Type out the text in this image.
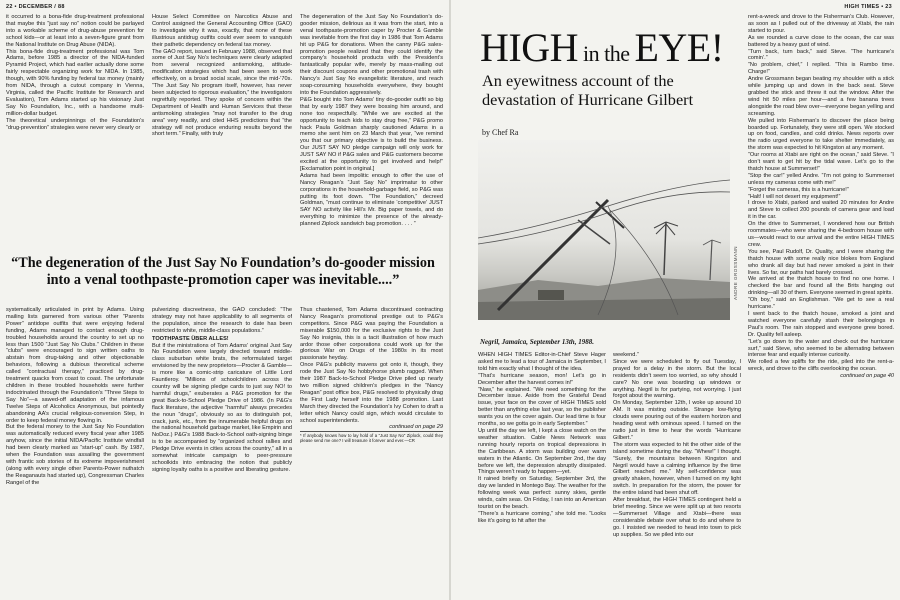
22 • DECEMBER / 88

it occurred to a bona-fide drug-treatment professional that maybe this “just say no” notion could be parlayed into a workable scheme of drug-abuse prevention for school kids—or at least into a seven-figure grant from the National Institute on Drug Abuse (NIDA).

This bona-fide drug-treatment professional was Tom Adams, before 1985 a director of the NIDA-funded Pyramid Project, which had earlier actually done some fairly respectable organizing work for NIDA. In 1985, though, with 90% funding by federal tax money (mainly from NIDA, through a cutout company in Vienna, Virginia, called the Pacific Institute for Research and Evaluation), Tom Adams started up his visionary Just Say No Foundation, Inc., with a handsome multi-million-dollar budget.

The theoretical underpinnings of the Foundation’s “drug-prevention” strategies were never very clearly or

House Select Committee on Narcotics Abuse and Control assigned the General Accounting Office (GAO) to investigate why it was, exactly, that none of these illustrious antidrug outfits could ever seem to vanquish their pathetic dependency on federal tax money.

The GAO report, issued in February 1988, observed that some of Just Say No’s techniques were clearly adapted from several recognized antismoking, attitude-modification strategies which had been seen to work effectively, on a broad social scale, since the mid-’70s. “The Just Say No program itself, however, has never been subjected to rigorous evaluation,” the investigators regretfully reported. They spoke of concern within the Department of Health and Human Services that these antismoking strategies “may not transfer to the drug area” very readily, and cited HHS predictions that “the strategy will not produce enduring results beyond the short term.” Finally, with truly

The degeneration of the Just Say No Foundation’s do-gooder mission, delirious as it was from the start, into a venal toothpaste-promotion caper by Procter & Gamble was inevitable from the first day in 1986 that Tom Adams hit up P&G for donations. When the canny P&G sales-promotion people realized that they could identify the company’s household products with the President’s fantastically popular wife, merely by mass-mailing out their discount coupons and other promotional trash with Nancy’s Just Say No evangelistic literature, and reach soap-consuming households everywhere, they bought into the Foundation aggressively.

P&G bought into Tom Adams’ tiny do-gooder outfit so big that by early 1987 they were bossing him around, and none too respectfully. “While we are excited at the opportunity to teach kids to stay drug free,” P&G promo hack Paula Goldman sharply cautioned Adams in a memo she sent him on 23 March that year, “we remind you that our primary objective is to build the business. Our JUST SAY NO pledge campaign will only work for JUST SAY NO if P&G sales and P&G customers become excited at the opportunity to get involved and help!” [Exclamation point in original.]

Adams had been impolitic enough to offer the use of Nancy Reagan’s “Just Say No” imprimatur to other corporations in the household-garbage field, so P&G was putting its foot down. “The Foundation,” decreed Goldman, “must continue to eliminate ‘competitive’ JUST SAY NO activity like Hill’s Mr. Big paper towels, and do everything to minimize the presence of the already-planned Ziplock sandwich bag promotion. . . . ”

“The degeneration of the Just Say No Foundation’s do-gooder mission into a venal toothpaste-promotion caper was inevitable....”

systematically articulated in print by Adams. Using mailing lists garnered from various other “Parents Power” antidope outfits that were enjoying federal funding, Adams managed to contact enough drug-troubled households around the country to set up no less than 1500 “Just Say No Clubs.” Children in these “clubs” were encouraged to sign written oaths to abstain from drug-taking and other objectionable behaviors, following a dubious theoretical scheme called “contractual therapy,” practiced by drug-treatment quacks from coast to coast. The unfortunate children in these troubled households were further indoctrinated through the Foundation’s “Three Steps to Say No”—a sawed-off adaptation of the infamous Twelve Steps of Alcoholics Anonymous, but pointedly abandoning AA’s crucial religious-conversion Step, in order to keep federal money flowing in.

But the federal money to the Just Say No Foundation was automatically reduced every fiscal year after 1985 anyhow, since the initial NIDA/Pacific Institute windfall had been clearly marked as “start-up” cash. By 1987, when the Foundation was assailing the government with frantic sob stories of its extreme impoverishment (along with every single other Parents-Power nuthatch the Reaganauts had started up), Congressman Charles Rangel of the

pulverizing discreetness, the GAO concluded: “The strategy may not have applicability to all segments of the population, since the research to date has been restricted to white, middle-class populations.”

TOOTHPASTE ÜBER ALLES!

But if the ministrations of Tom Adams’ original Just Say No Foundation were largely directed toward middle-class suburban white brats, the reformulated target envisioned by the new proprietors—Procter & Gamble—is more like a comic-strip caricature of Little Lord Fauntleroy. “Millions of schoolchildren across the country will be signing pledge cards to just say NO! to harmful drugs,” exuberates a P&G promotion for the great Back-to-School Pledge Drive of 1986. (In P&G’s flack literature, the adjective “harmful” always precedes the noun “drugs”, obviously so as to distinguish pot, crack, junk, etc., from the innumerable helpful drugs on the national household garbage market, like Empirin and NoDoz.) P&G’s 1988 Back-to-School oath-signing binge is to be accompanied by “organized school rallies and Pledge Drive events in cities across the country,” all in a somewhat intricate campaign to peer-pressure schoolkids into embracing the notion that publicly signing loyalty oaths is a positive and liberating gesture.

Thus chastened, Tom Adams discontinued contracting Nancy Reagan’s promotional prestige out to P&G’s competitors. Since P&G was paying the Foundation a miserable $150,000 for the exclusive rights to the Just Say No insignia, this is a tacit illustration of how much ardor those other corporations could work up for the glorious War on Drugs of the 1980s in its most passionate heyday.

Once P&G’s publicity mavens got onto it, though, they rode the Just Say No hobbyhorse plumb ragged. When their 1987 Back-to-School Pledge Drive piled up nearly two million signed children’s pledges in the “Nancy Reagan” post office box, P&G resolved to physically drag the First Lady herself into the 1988 promotion. Last March they directed the Foundation’s Ivy Cohen to draft a letter which Nancy could sign, which would circulate to school superintendents.

continued on page 29

* If anybody knows how to lay hold of a “Just Say No” Ziplock, could they please send me one? I will treasure it forever and ever.—CR

HIGH TIMES • 23
HIGH in the EYE!
An eyewitness account of the devastation of Hurricane Gilbert
by Chef Ra
ANDRE GROSSMANN
Negril, Jamaica, September 13th, 1988.

rent-a-wreck and drove to the Fisherman’s Club. However, as soon as I pulled out of the driveway at Xtabi, the rain started to pour.

As we rounded a curve close to the ocean, the car was battered by a heavy gust of wind.

“Turn back, turn back,” said Steve. “The hurricane’s comin’.”

“No problem, chief,” I replied. “This is Rambo time. Charge!”

Andre Grossmann began beating my shoulder with a stick while jumping up and down in the back seat. Steve grabbed the stick and threw it out the window. After the wind hit 50 miles per hour—and a few banana trees alongside the road blew over—everyone began yelling and screaming.

We pulled into Fisherman’s to discover the place being boarded up. Fortunately, they were still open. We stocked up on food, candles, and cold drinks. News reports over the radio urged everyone to take shelter immediately, as the storm was expected to hit Kingston at any moment.

“Our rooms at Xtabi are right on the ocean,” said Steve. “I don’t want to get hit by the tidal wave. Let’s go to the thatch house at Summerset!”

“Stop the car!” yelled Andre. “I’m not going to Summerset unless my cameras come with me!”

“Forget the cameras, this is a hurricane!”

“Halt! I will not desert my equipment!”

I drove to Xtabi, parked and waited 20 minutes for Andre and Steve to collect 200 pounds of camera gear and load it in the car.

On the drive to Summerset, I wondered how our British roommates—who were sharing the 4-bedroom house with us—would react to our arrival and the entire HIGH TIMES crew.

You see, Paul Rudolf, Dr. Quality, and I were sharing the thatch house with some really nice blokes from England who drank all day but had never smoked a joint in their lives. So far, our paths had barely crossed.

We arrived at the thatch house to find no one home. I checked the bar and found all the Brits hanging out drinking—all 30 of them. Everyone seemed in great spirits.

“Oh boy,” said an Englishman. “We get to see a real hurricane.”

I went back to the thatch house, smoked a joint and watched everyone carefully stash their belongings in Paul’s room. The rain stopped and everyone grew bored. Dr. Quality fell asleep.

“Let’s go down to the water and check out the hurricane surf,” said Steve, who seemed to be alternating between intense fear and equally intense curiosity.

We rolled a few spliffs for the ride, piled into the rent-a-wreck, and drove to the cliffs overlooking the ocean.

continued on page 40

WHEN HIGH TIMES Editor-in-Chief Steve Hager asked me to lead a tour of Jamaica in September, I told him exactly what I thought of the idea.

“That’s hurricane season, mon! Let’s go in December after the harvest comes in!”

“Naw,” he explained. “We need something for the December issue. Aside from the Grateful Dead issue, your face on the cover of HIGH TIMES sold better than anything else last year, so the publisher wants you on the cover again. Our lead time is four months, so we gotta go in early September.”

Up until the day we left, I kept a close watch on the weather situation. Cable News Network was running hourly reports on tropical depressions in the Caribbean. A storm was building over warm waters in the Atlantic. On September 2nd, the day before we left, the depression abruptly dissipated. Things weren’t ready to happen—yet.

It rained briefly on Saturday, September 3rd, the day we landed in Montego Bay. The weather for the following week was perfect: sunny skies, gentle winds, calm seas. On Friday, I ran into an American tourist on the beach.

“There’s a hurricane coming,” she told me. “Looks like it’s going to hit after the

weekend.”

Since we were scheduled to fly out Tuesday, I prayed for a delay in the storm. But the local residents didn’t seem too worried, so why should I care? No one was boarding up windows or anything. Negril is for partying, not worrying. I just forgot about the warning.

On Monday, September 12th, I woke up around 10 AM. It was misting outside. Strange low-flying clouds were pouring out of the eastern horizon and heading west with ominous speed. I turned on the radio just in time to hear the words “Hurricane Gilbert.”

The storm was expected to hit the other side of the island sometime during the day. “Whew!” I thought. “Surely, the mountains between Kingston and Negril would have a calming influence by the time Gilbert reached me.” My self-confidence was greatly shaken, however, when I turned on my light switch. In preparation for the storm, the power for the entire island had been shut off.

After breakfast, the HIGH TIMES contingent held a brief meeting. Since we were split up at two resorts—Summerset Village and Xtabi—there was considerable debate over what to do and where to go. I insisted we needed to head into town to pick up supplies. So we piled into our
